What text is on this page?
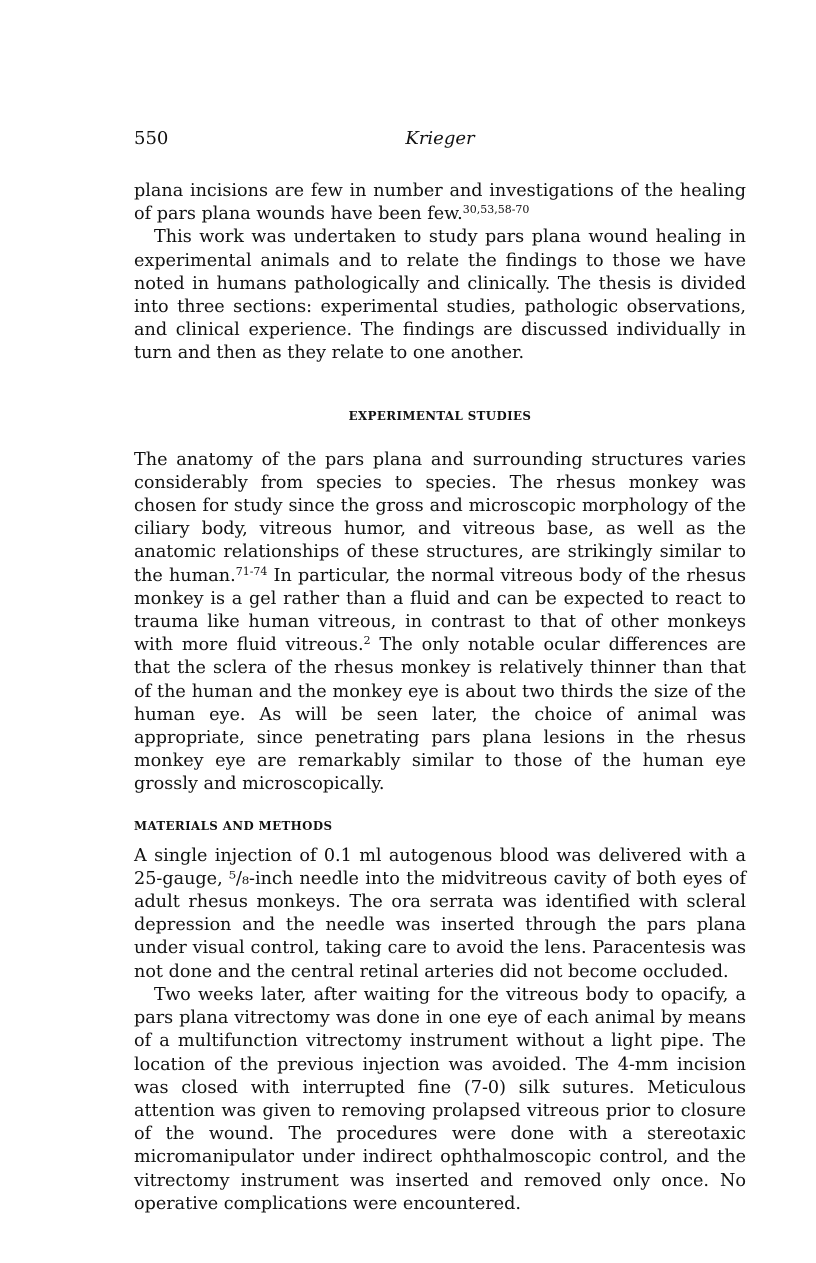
550	Krieger

plana incisions are few in number and investigations of the healing of pars plana wounds have been few.$^{30,53,58-70}$

This work was undertaken to study pars plana wound healing in experimental animals and to relate the findings to those we have noted in humans pathologically and clinically. The thesis is divided into three sections: experimental studies, pathologic observations, and clinical experience. The findings are discussed individually in turn and then as they relate to one another.

EXPERIMENTAL STUDIES

The anatomy of the pars plana and surrounding structures varies considerably from species to species. The rhesus monkey was chosen for study since the gross and microscopic morphology of the ciliary body, vitreous humor, and vitreous base, as well as the anatomic relationships of these structures, are strikingly similar to the human.$^{71-74}$ In particular, the normal vitreous body of the rhesus monkey is a gel rather than a fluid and can be expected to react to trauma like human vitreous, in contrast to that of other monkeys with more fluid vitreous.$^2$ The only notable ocular differences are that the sclera of the rhesus monkey is relatively thinner than that of the human and the monkey eye is about two thirds the size of the human eye. As will be seen later, the choice of animal was appropriate, since penetrating pars plana lesions in the rhesus monkey eye are remarkably similar to those of the human eye grossly and microscopically.

MATERIALS AND METHODS

A single injection of 0.1 ml autogenous blood was delivered with a 25-gauge, ⁵/₈-inch needle into the midvitreous cavity of both eyes of adult rhesus monkeys. The ora serrata was identified with scleral depression and the needle was inserted through the pars plana under visual control, taking care to avoid the lens. Paracentesis was not done and the central retinal arteries did not become occluded.

Two weeks later, after waiting for the vitreous body to opacify, a pars plana vitrectomy was done in one eye of each animal by means of a multifunction vitrectomy instrument without a light pipe. The location of the previous injection was avoided. The 4-mm incision was closed with interrupted fine (7-0) silk sutures. Meticulous attention was given to removing prolapsed vitreous prior to closure of the wound. The procedures were done with a stereotaxic micromanipulator under indirect ophthalmoscopic control, and the vitrectomy instrument was inserted and removed only once. No operative complications were encountered.
